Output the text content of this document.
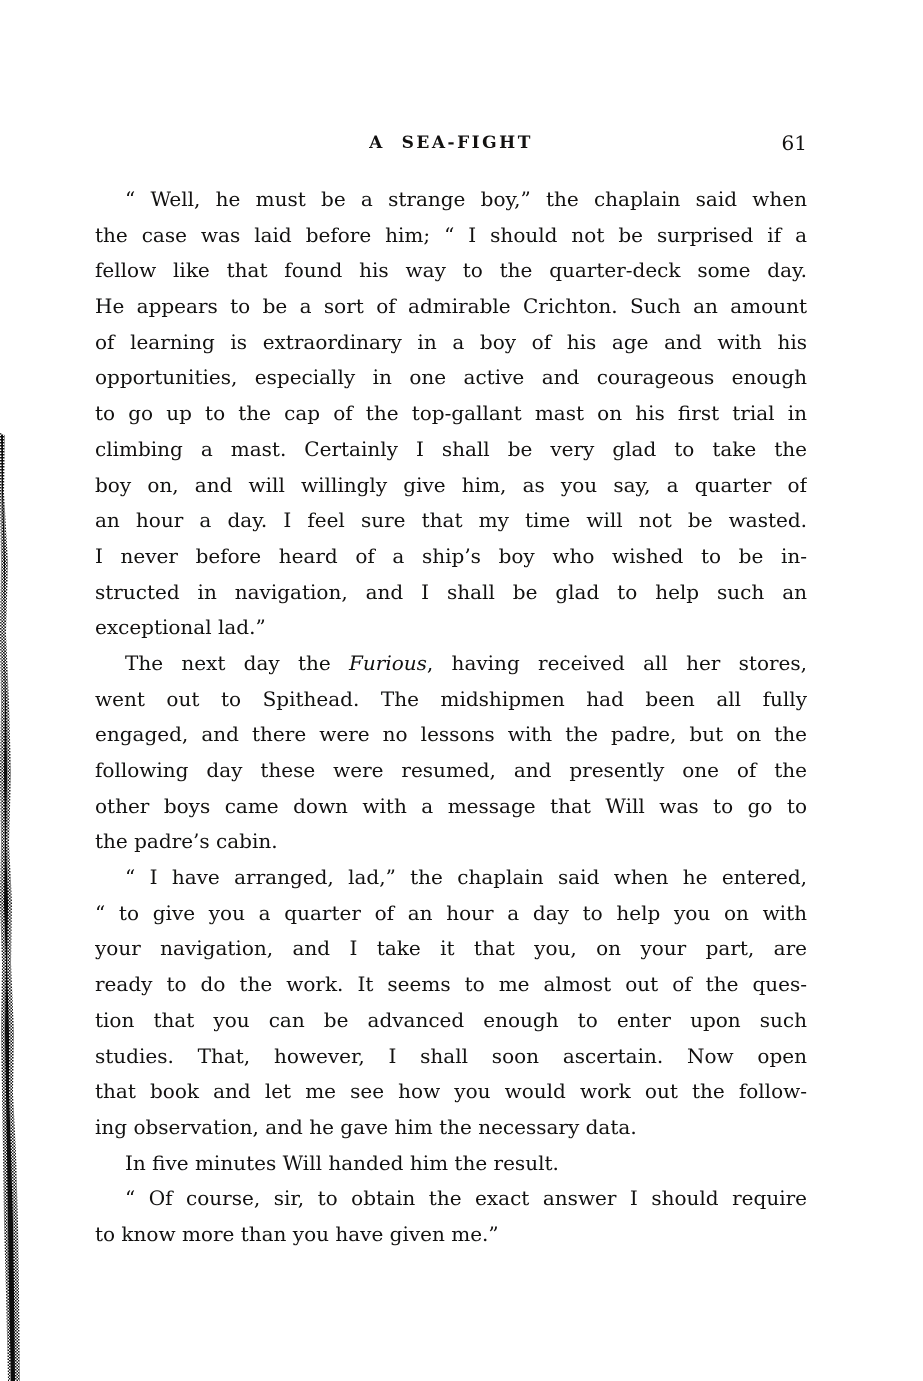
A  SEA-FIGHT	61
“ Well, he must be a strange boy,” the chaplain said when
the case was laid before him; “ I should not be surprised if a
fellow like that found his way to the quarter-deck some day.
He appears to be a sort of admirable Crichton. Such an amount
of learning is extraordinary in a boy of his age and with his
opportunities, especially in one active and courageous enough
to go up to the cap of the top-gallant mast on his first trial in
climbing a mast. Certainly I shall be very glad to take the
boy on, and will willingly give him, as you say, a quarter of
an hour a day. I feel sure that my time will not be wasted.
I never before heard of a ship’s boy who wished to be in-
structed in navigation, and I shall be glad to help such an
exceptional lad.”
The next day the Furious, having received all her stores,
went out to Spithead. The midshipmen had been all fully
engaged, and there were no lessons with the padre, but on the
following day these were resumed, and presently one of the
other boys came down with a message that Will was to go to
the padre’s cabin.
“ I have arranged, lad,” the chaplain said when he entered,
“ to give you a quarter of an hour a day to help you on with
your navigation, and I take it that you, on your part, are
ready to do the work. It seems to me almost out of the ques-
tion that you can be advanced enough to enter upon such
studies. That, however, I shall soon ascertain. Now open
that book and let me see how you would work out the follow-
ing observation, and he gave him the necessary data.
In five minutes Will handed him the result.
“ Of course, sir, to obtain the exact answer I should require
to know more than you have given me.”
